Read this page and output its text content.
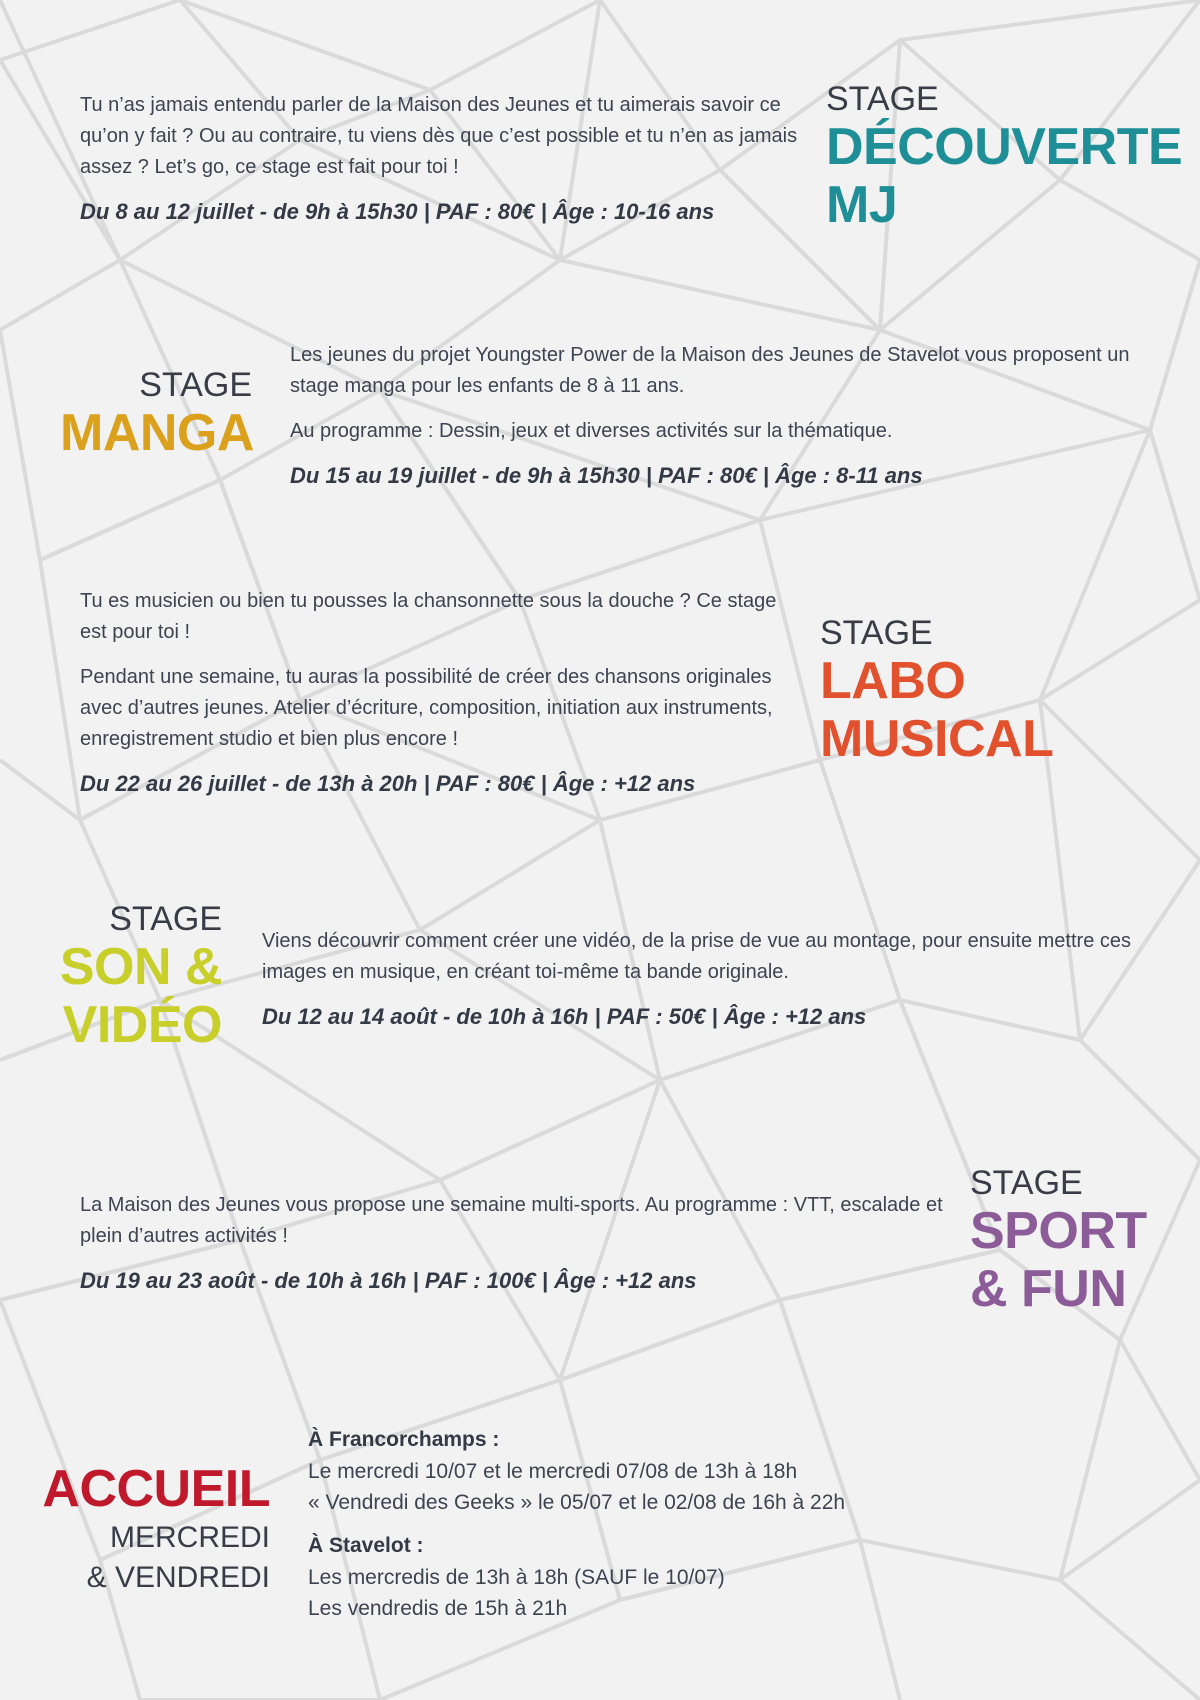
Tu n’as jamais entendu parler de la Maison des Jeunes et tu aimerais savoir ce qu’on y fait ? Ou au contraire, tu viens dès que c’est possible et tu n’en as jamais assez ? Let’s go, ce stage est fait pour toi !

Du 8 au 12 juillet - de 9h à 15h30 | PAF : 80€ | Âge : 10-16 ans

STAGE

DÉCOUVERTE

MJ

STAGE

MANGA

Les jeunes du projet Youngster Power de la Maison des Jeunes de Stavelot vous proposent un stage manga pour les enfants de 8 à 11 ans.

Au programme : Dessin, jeux et diverses activités sur la thématique.

Du 15 au 19 juillet - de 9h à 15h30 | PAF : 80€ | Âge : 8-11 ans

Tu es musicien ou bien tu pousses la chansonnette sous la douche ? Ce stage est pour toi !

Pendant une semaine, tu auras la possibilité de créer des chansons originales avec d’autres jeunes. Atelier d’écriture, composition, initiation aux instruments, enregistrement studio et bien plus encore !

Du 22 au 26 juillet - de 13h à 20h | PAF : 80€ | Âge : +12 ans

STAGE

LABO

MUSICAL

STAGE

SON &

VIDÉO

Viens découvrir comment créer une vidéo, de la prise de vue au montage, pour ensuite mettre ces images en musique, en créant toi-même ta bande originale.

Du 12 au 14 août - de 10h à 16h | PAF : 50€ | Âge : +12 ans

La Maison des Jeunes vous propose une semaine multi-sports. Au programme : VTT, escalade et plein d’autres activités !

Du 19 au 23 août - de 10h à 16h | PAF : 100€ | Âge : +12 ans

STAGE

SPORT

& FUN

ACCUEIL

MERCREDI

& VENDREDI

À Francorchamps :

Le mercredi 10/07 et le mercredi 07/08 de 13h à 18h

« Vendredi des Geeks » le 05/07 et le 02/08 de 16h à 22h

À Stavelot :

Les mercredis de 13h à 18h (SAUF le 10/07)

Les vendredis de 15h à 21h
